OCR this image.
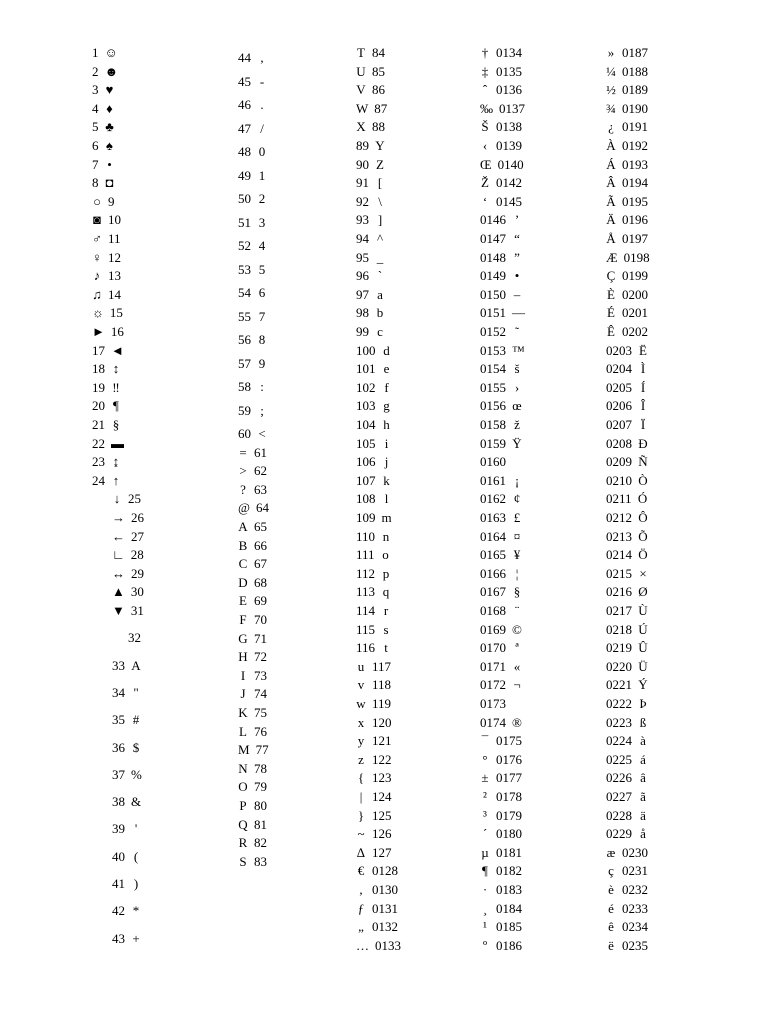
1 ☺
2 ☻
3 ♥
4 ♦
5 ♣
6 ♠
7 •
8 ◘
○ 9
◙ 10
♂ 11
♀ 12
♪ 13
♫ 14
☼ 15
► 16
17 ◄
18 ↕
19 ‼
20 ¶
21 §
22 ▬
23 ↨
24 ↑
↓ 25
→ 26
← 27
∟ 28
↔ 29
▲ 30
▼ 31
32
33 A
34 "
35 #
36 $
37 %
38 &
39 '
40 (
41 )
42 *
43 +
44 ,
45 -
46 .
47 /
48 0
49 1
50 2
51 3
52 4
53 5
54 6
55 7
56 8
57 9
58 :
59 ;
60 <
= 61
> 62
? 63
@ 64
A 65
B 66
C 67
D 68
E 69
F 70
G 71
H 72
I 73
J 74
K 75
L 76
M 77
N 78
O 79
P 80
Q 81
R 82
S 83
T 84
U 85
V 86
W 87
X 88
89 Y
90 Z
91 [
92 \
93 ]
94 ^
95 _
96 `
97 a
98 b
99 c
100 d
101 e
102 f
103 g
104 h
105 i
106 j
107 k
108 l
109 m
110 n
111 o
112 p
113 q
114 r
115 s
116 t
u 117
v 118
w 119
x 120
y 121
z 122
{ 123
| 124
} 125
~ 126
∆ 127
€ 0128
, 0130
ƒ 0131
„ 0132
… 0133
† 0134
‡ 0135
ˆ 0136
‰ 0137
Š 0138
‹ 0139
Œ 0140
Ž 0142
‘ 0145
0146 ’
0147 “
0148 ”
0149 •
0150 –
0151 —
0152 ˜
0153 ™
0154 š
0155 ›
0156 œ
0158 ž
0159 Ÿ
0160
0161 ¡
0162 ¢
0163 £
0164 ¤
0165 ¥
0166 ¦
0167 §
0168 ¨
0169 ©
0170 ª
0171 «
0172 ¬
0173
0174 ®
¯ 0175
° 0176
± 0177
² 0178
³ 0179
´ 0180
µ 0181
¶ 0182
· 0183
¸ 0184
¹ 0185
º 0186
» 0187
¼ 0188
½ 0189
¾ 0190
¿ 0191
À 0192
Á 0193
Â 0194
Ã 0195
Ä 0196
Å 0197
Æ 0198
Ç 0199
È 0200
É 0201
Ê 0202
0203 Ë
0204 Ì
0205 Í
0206 Î
0207 Ï
0208 Ð
0209 Ñ
0210 Ò
0211 Ó
0212 Ô
0213 Õ
0214 Ö
0215 ×
0216 Ø
0217 Ù
0218 Ú
0219 Û
0220 Ü
0221 Ý
0222 Þ
0223 ß
0224 à
0225 á
0226 â
0227 ã
0228 ä
0229 å
æ 0230
ç 0231
è 0232
é 0233
ê 0234
ë 0235
